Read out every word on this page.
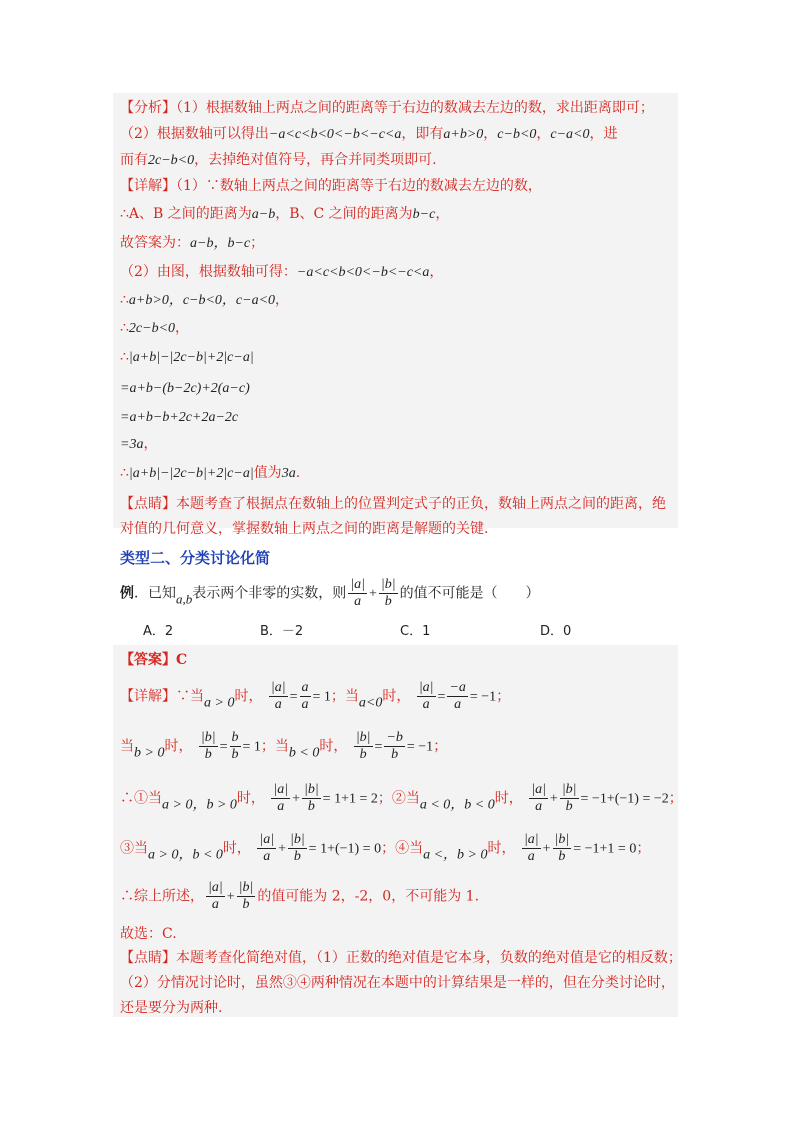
【分析】（1）根据数轴上两点之间的距离等于右边的数减去左边的数，求出距离即可；
（2）根据数轴可以得出−a<c<b<0<−b<−c<a，即有a+b>0，c−b<0，c−a<0，进
而有2c−b<0，去掉绝对值符号，再合并同类项即可.
【详解】（1）∵数轴上两点之间的距离等于右边的数减去左边的数，
∴A、B 之间的距离为a−b，B、C 之间的距离为b−c，
故答案为：a−b，b−c；
（2）由图，根据数轴可得：−a<c<b<0<−b<−c<a，
∴a+b>0，c−b<0，c−a<0，
∴2c−b<0，
∴|a+b|−|2c−b|+2|c−a|
=a+b−(b−2c)+2(a−c)
=a+b−b+2c+2a−2c
=3a，
∴|a+b|−|2c−b|+2|c−a|值为3a.
【点睛】本题考查了根据点在数轴上的位置判定式子的正负，数轴上两点之间的距离，绝
对值的几何意义，掌握数轴上两点之间的距离是解题的关键.
类型二、分类讨论化简
例．已知a,b表示两个非零的实数，则 $\frac{|a|}{a} + \frac{|b|}{b}$ 的值不可能是（　　）
A．2	B．－2	C．1	D．0
【答案】C
【详解】∵当a > 0时， $\frac{|a|}{a} = \frac{a}{a} = 1$；当a<0时， $\frac{|a|}{a} = \frac{-a}{a} = -1$；
当b > 0时， $\frac{|b|}{b} = \frac{b}{b} = 1$；当b < 0时， $\frac{|b|}{b} = \frac{-b}{b} = -1$；
∴①当a > 0，b > 0时， $\frac{|a|}{a} + \frac{|b|}{b} = 1+1 = 2$；②当a < 0，b < 0时， $\frac{|a|}{a} + \frac{|b|}{b} = -1+(-1) = -2$；
③当a > 0，b < 0时， $\frac{|a|}{a} + \frac{|b|}{b} = 1+(-1) = 0$；④当a <，b > 0时， $\frac{|a|}{a} + \frac{|b|}{b} = -1+1 = 0$；
∴综上所述， $\frac{|a|}{a} + \frac{|b|}{b}$ 的值可能为 2，-2，0，不可能为 1.
故选：C.
【点睛】本题考查化简绝对值，（1）正数的绝对值是它本身，负数的绝对值是它的相反数；
（2）分情况讨论时，虽然③④两种情况在本题中的计算结果是一样的，但在分类讨论时，
还是要分为两种.
